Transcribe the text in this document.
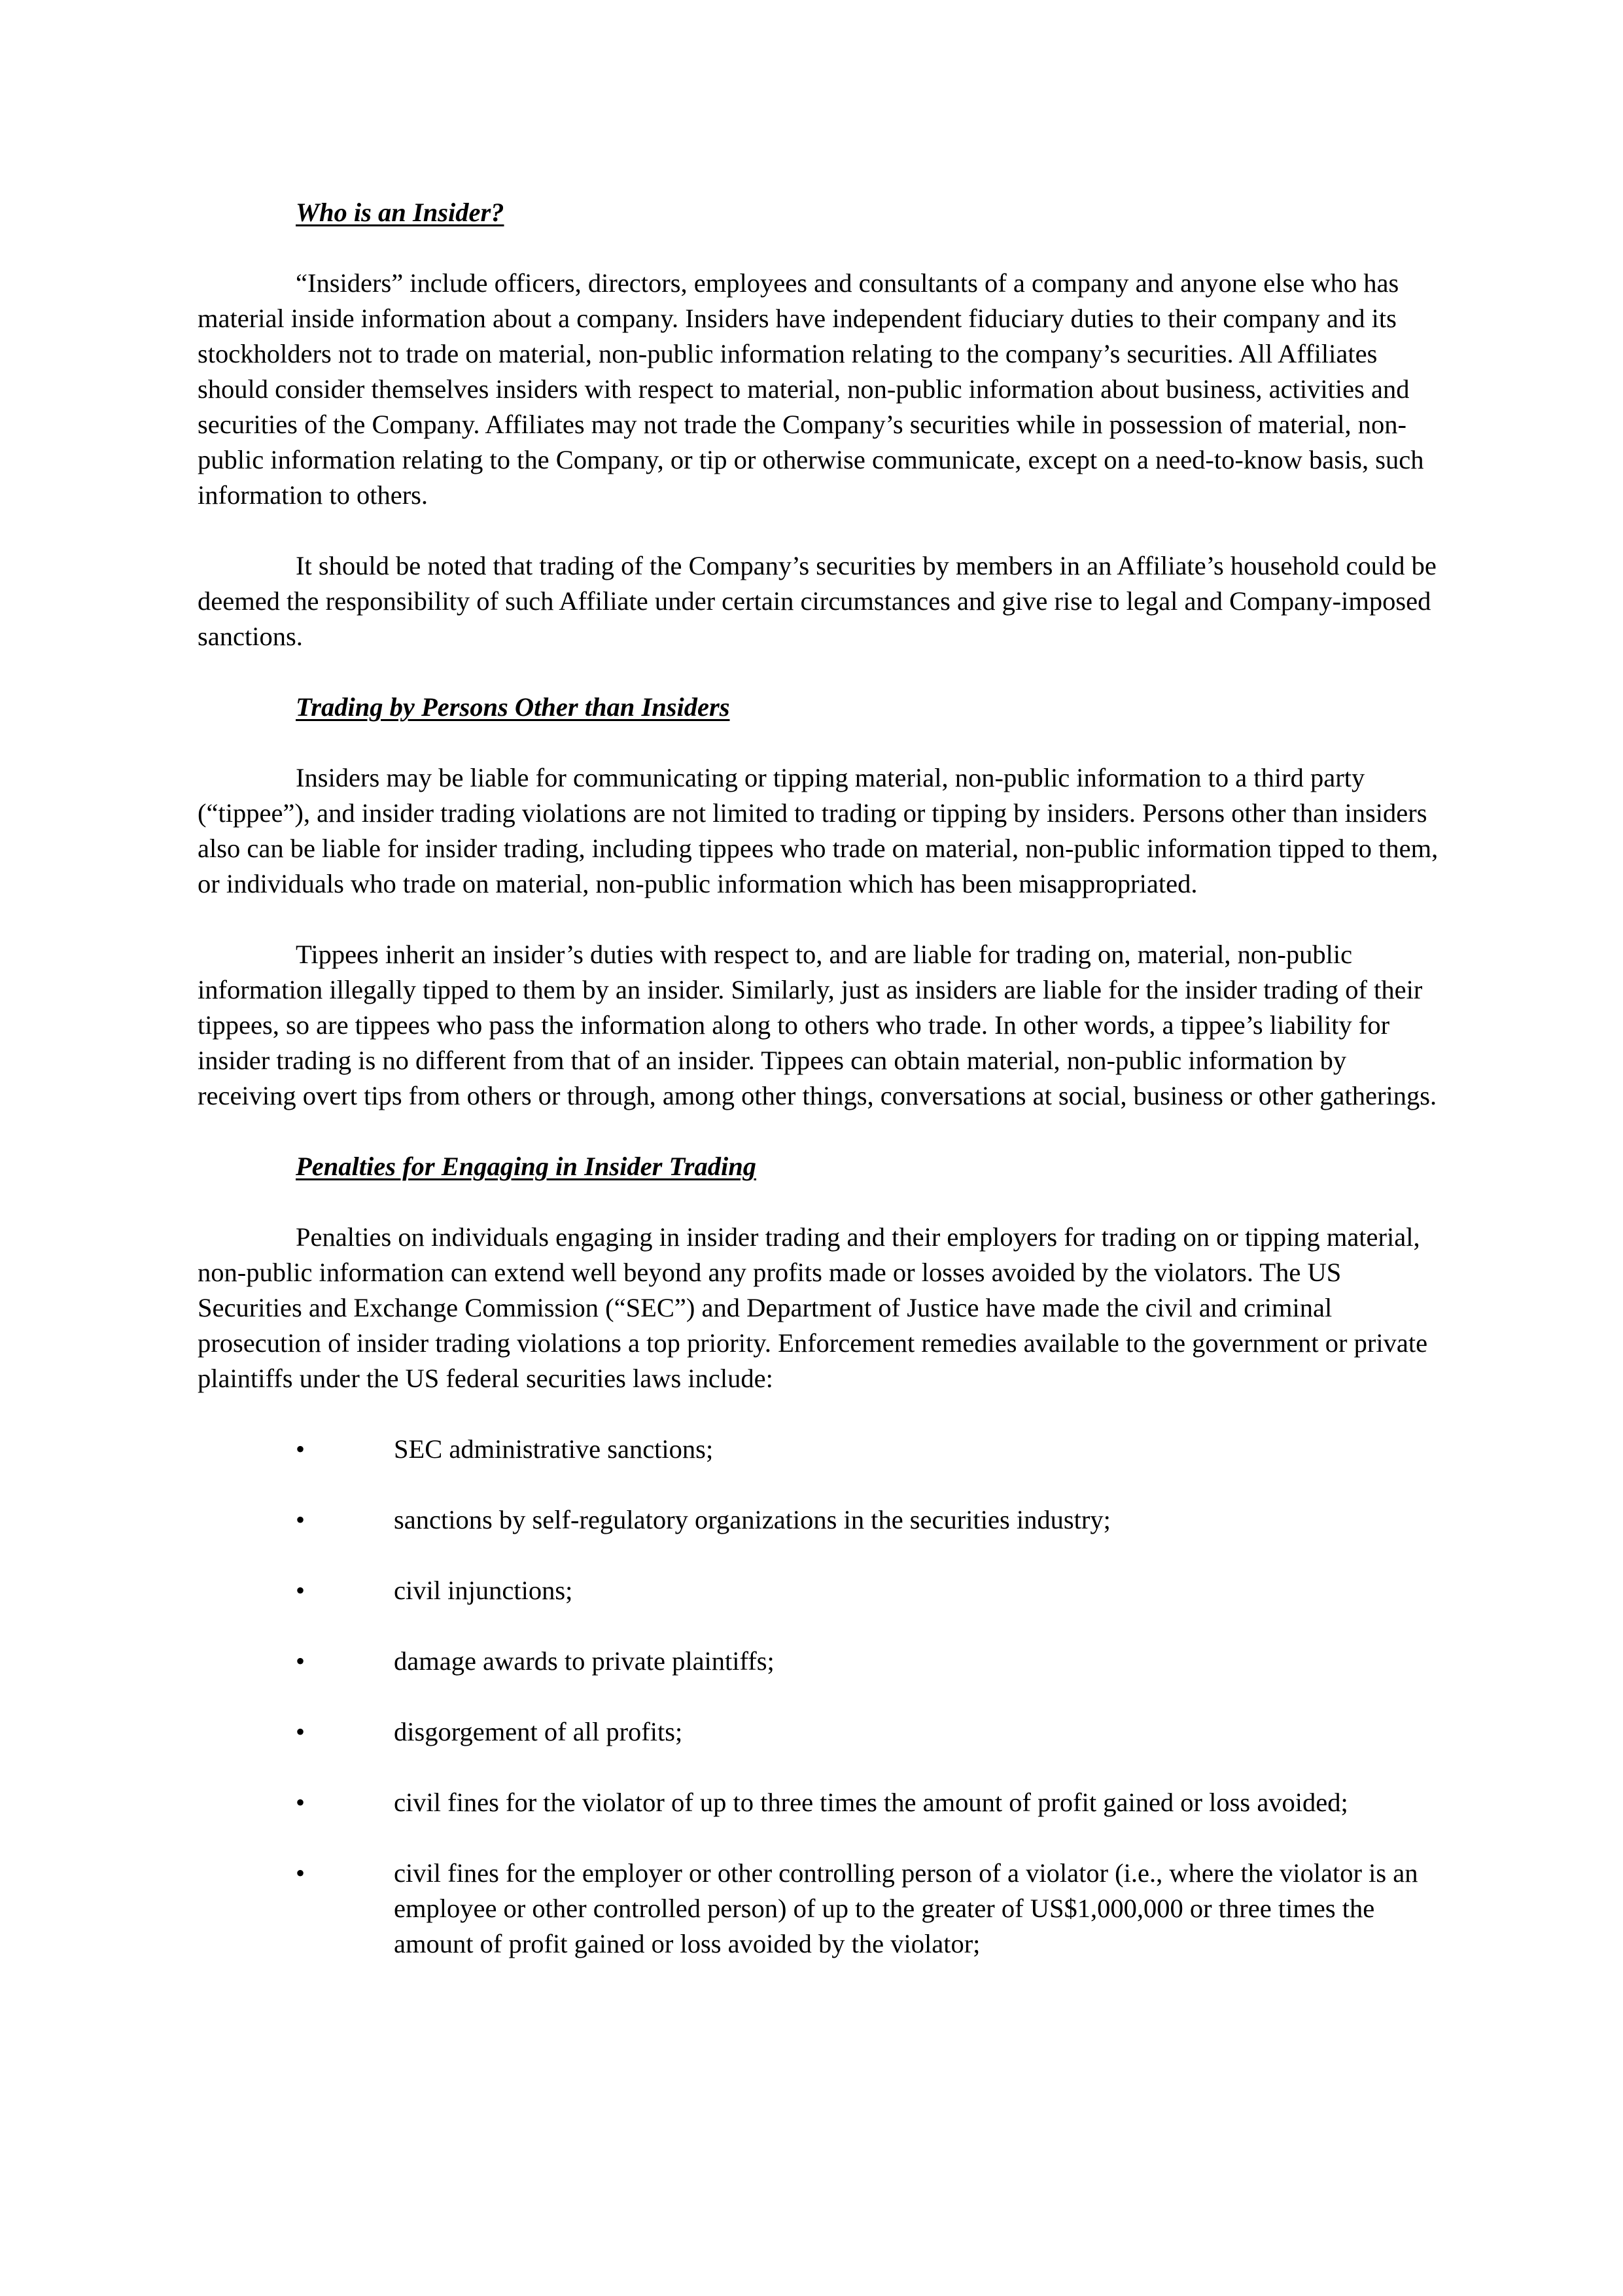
Who is an Insider?

“Insiders” include officers, directors, employees and consultants of a company and anyone else who has material inside information about a company. Insiders have independent fiduciary duties to their company and its stockholders not to trade on material, non-public information relating to the company’s securities. All Affiliates should consider themselves insiders with respect to material, non-public information about business, activities and securities of the Company. Affiliates may not trade the Company’s securities while in possession of material, non-public information relating to the Company, or tip or otherwise communicate, except on a need-to-know basis, such information to others.

It should be noted that trading of the Company’s securities by members in an Affiliate’s household could be deemed the responsibility of such Affiliate under certain circumstances and give rise to legal and Company-imposed sanctions.

Trading by Persons Other than Insiders

Insiders may be liable for communicating or tipping material, non-public information to a third party (“tippee”), and insider trading violations are not limited to trading or tipping by insiders. Persons other than insiders also can be liable for insider trading, including tippees who trade on material, non-public information tipped to them, or individuals who trade on material, non-public information which has been misappropriated.

Tippees inherit an insider’s duties with respect to, and are liable for trading on, material, non-public information illegally tipped to them by an insider. Similarly, just as insiders are liable for the insider trading of their tippees, so are tippees who pass the information along to others who trade. In other words, a tippee’s liability for insider trading is no different from that of an insider. Tippees can obtain material, non-public information by receiving overt tips from others or through, among other things, conversations at social, business or other gatherings.

Penalties for Engaging in Insider Trading

Penalties on individuals engaging in insider trading and their employers for trading on or tipping material, non-public information can extend well beyond any profits made or losses avoided by the violators. The US Securities and Exchange Commission (“SEC”) and Department of Justice have made the civil and criminal prosecution of insider trading violations a top priority. Enforcement remedies available to the government or private plaintiffs under the US federal securities laws include:

•	SEC administrative sanctions;
•	sanctions by self-regulatory organizations in the securities industry;
•	civil injunctions;
•	damage awards to private plaintiffs;
•	disgorgement of all profits;
•	civil fines for the violator of up to three times the amount of profit gained or loss avoided;
•	civil fines for the employer or other controlling person of a violator (i.e., where the violator is an employee or other controlled person) of up to the greater of US$1,000,000 or three times the amount of profit gained or loss avoided by the violator;
